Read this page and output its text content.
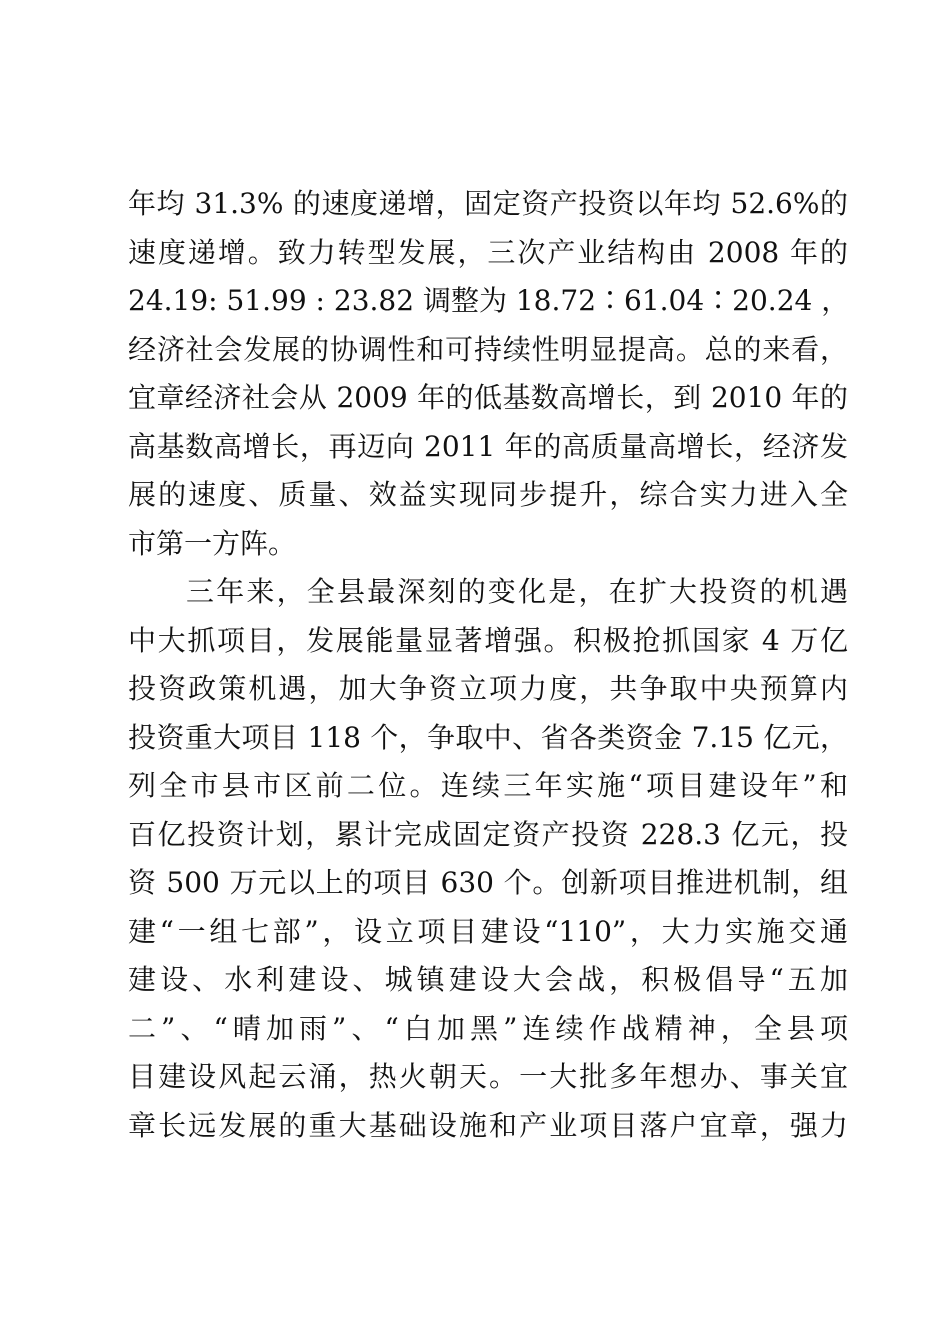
年均 31.3% 的速度递增，固定资产投资以年均 52.6%的
速度递增。致力转型发展，三次产业结构由 2008 年的
24.19: 51.99 : 23.82 调整为 18.72∶61.04∶20.24 ，
经济社会发展的协调性和可持续性明显提高。总的来看，
宜章经济社会从 2009 年的低基数高增长，到 2010 年的
高基数高增长，再迈向 2011 年的高质量高增长，经济发
展的速度、质量、效益实现同步提升，综合实力进入全
市第一方阵。
三年来，全县最深刻的变化是，在扩大投资的机遇
中大抓项目，发展能量显著增强。积极抢抓国家 4 万亿
投资政策机遇，加大争资立项力度，共争取中央预算内
投资重大项目 118 个，争取中、省各类资金 7.15 亿元，
列全市县市区前二位。连续三年实施“项目建设年”和
百亿投资计划，累计完成固定资产投资 228.3 亿元，投
资 500 万元以上的项目 630 个。创新项目推进机制，组
建“一组七部”，设立项目建设“110”，大力实施交通
建设、水利建设、城镇建设大会战，积极倡导“五加
二”、“晴加雨”、“白加黑”连续作战精神，全县项
目建设风起云涌，热火朝天。一大批多年想办、事关宜
章长远发展的重大基础设施和产业项目落户宜章，强力
